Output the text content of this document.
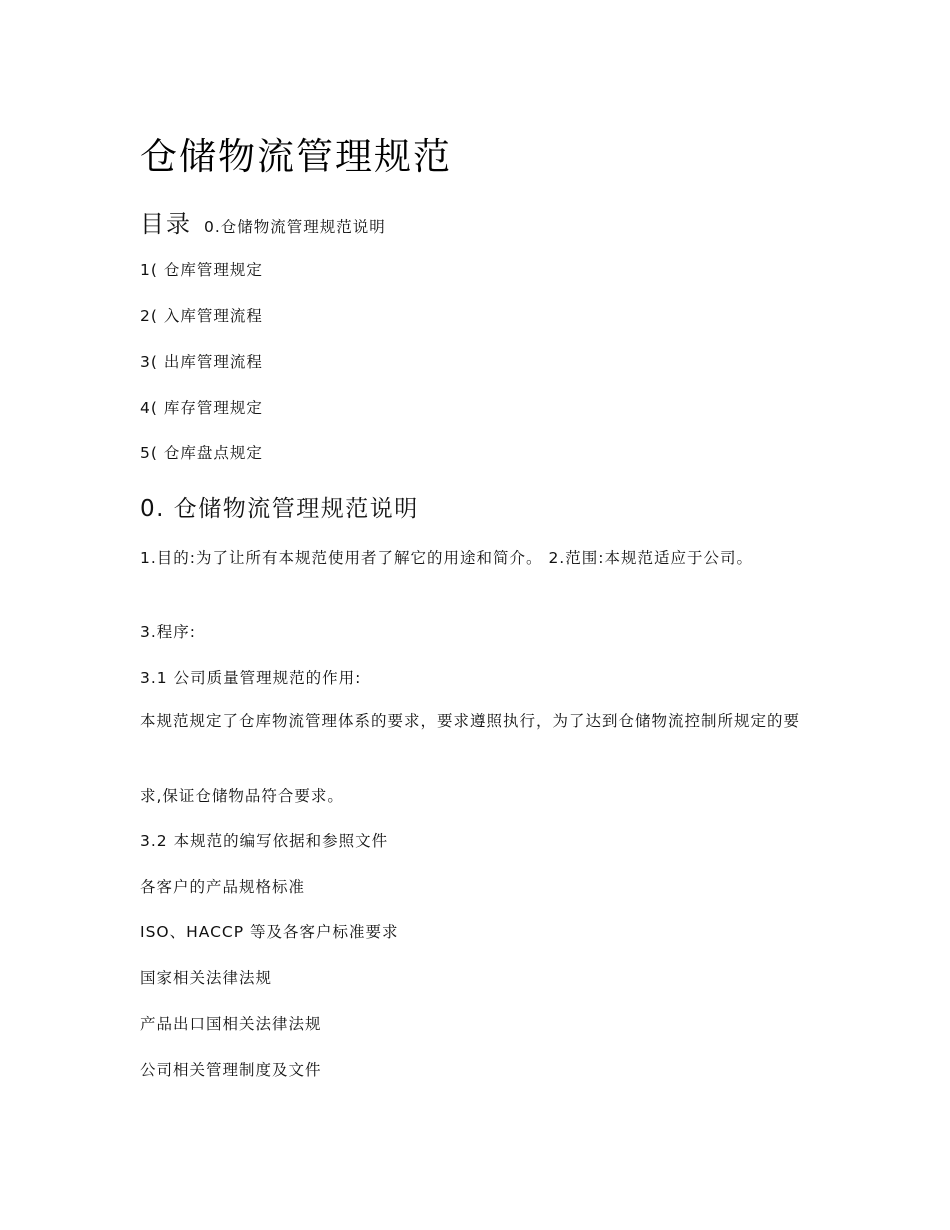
仓储物流管理规范
目录 0.仓储物流管理规范说明
1( 仓库管理规定
2( 入库管理流程
3( 出库管理流程
4( 库存管理规定
5( 仓库盘点规定
0. 仓储物流管理规范说明
1.目的:为了让所有本规范使用者了解它的用途和简介。 2.范围:本规范适应于公司。
3.程序:
3.1 公司质量管理规范的作用:
本规范规定了仓库物流管理体系的要求，要求遵照执行，为了达到仓储物流控制所规定的要
求,保证仓储物品符合要求。
3.2 本规范的编写依据和参照文件
各客户的产品规格标准
ISO、HACCP 等及各客户标准要求
国家相关法律法规
产品出口国相关法律法规
公司相关管理制度及文件
